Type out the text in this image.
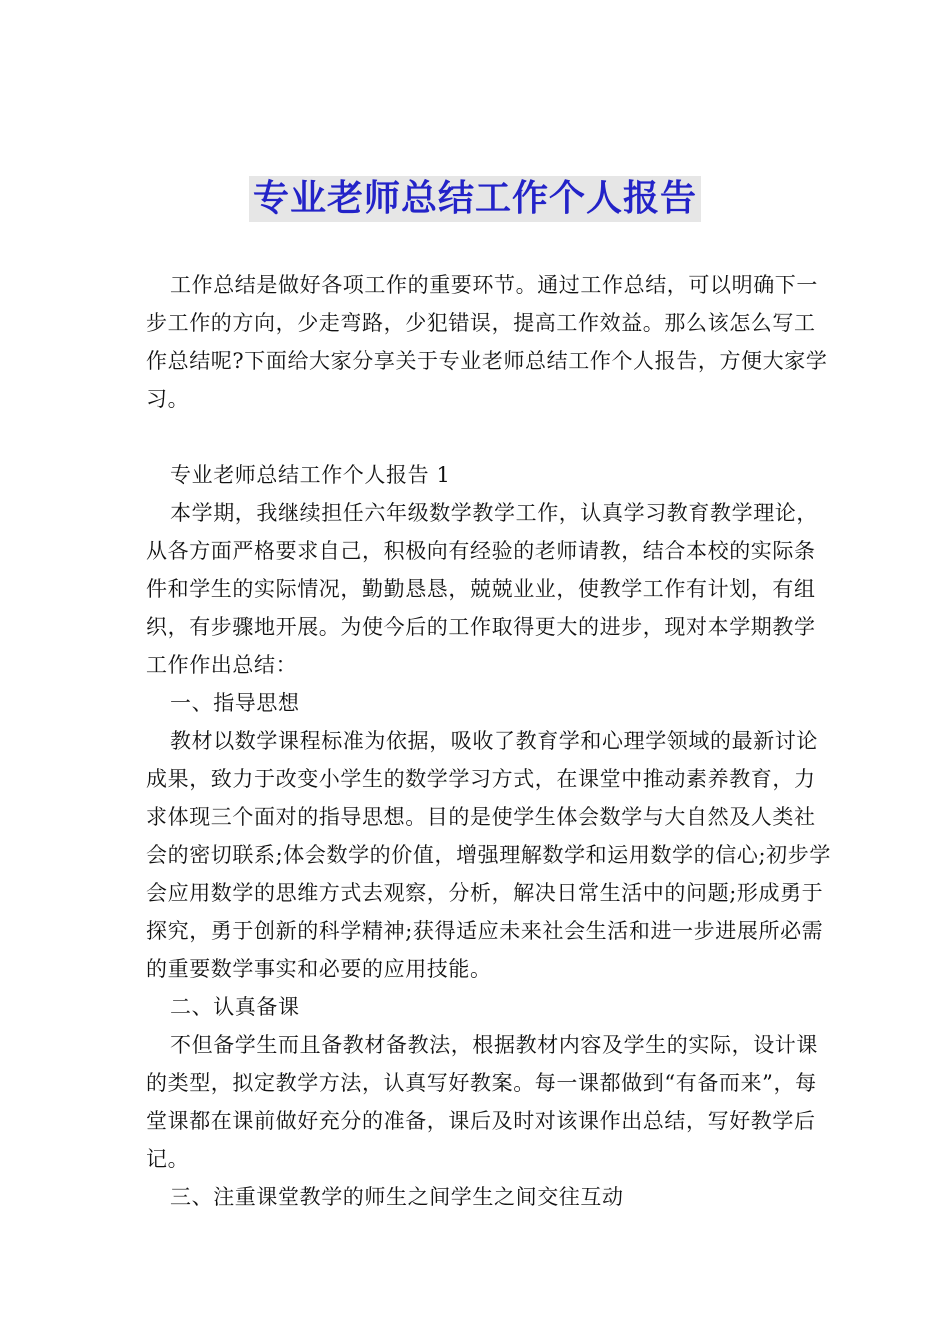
专业老师总结工作个人报告

工作总结是做好各项工作的重要环节。通过工作总结，可以明确下一步工作的方向，少走弯路，少犯错误，提高工作效益。那么该怎么写工作总结呢?下面给大家分享关于专业老师总结工作个人报告，方便大家学习。

专业老师总结工作个人报告 1

本学期，我继续担任六年级数学教学工作，认真学习教育教学理论，从各方面严格要求自己，积极向有经验的老师请教，结合本校的实际条件和学生的实际情况，勤勤恳恳，兢兢业业，使教学工作有计划，有组织，有步骤地开展。为使今后的工作取得更大的进步，现对本学期教学工作作出总结：

一、指导思想

教材以数学课程标准为依据，吸收了教育学和心理学领域的最新讨论成果，致力于改变小学生的数学学习方式，在课堂中推动素养教育，力求体现三个面对的指导思想。目的是使学生体会数学与大自然及人类社会的密切联系;体会数学的价值，增强理解数学和运用数学的信心;初步学会应用数学的思维方式去观察，分析，解决日常生活中的问题;形成勇于探究，勇于创新的科学精神;获得适应未来社会生活和进一步进展所必需的重要数学事实和必要的应用技能。

二、认真备课

不但备学生而且备教材备教法，根据教材内容及学生的实际，设计课的类型，拟定教学方法，认真写好教案。每一课都做到“有备而来”，每堂课都在课前做好充分的准备，课后及时对该课作出总结，写好教学后记。

三、注重课堂教学的师生之间学生之间交往互动
